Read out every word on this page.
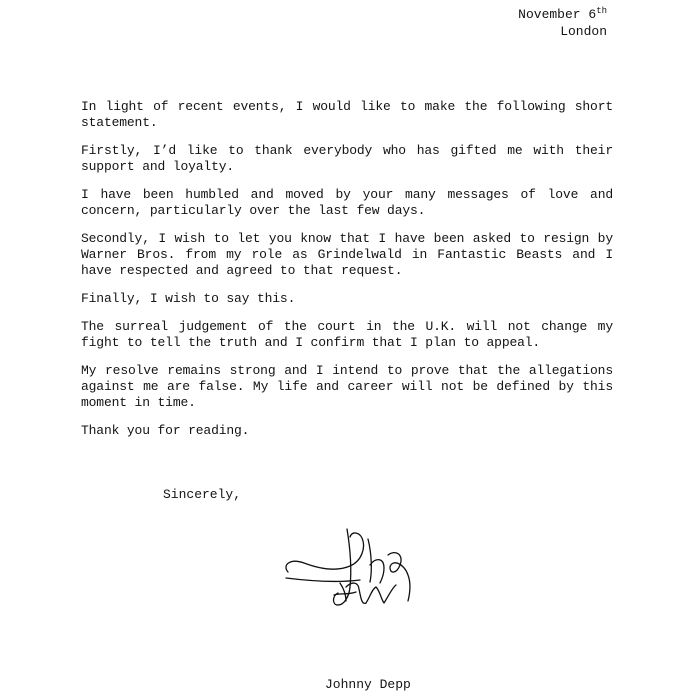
November 6th
London

In light of recent events, I would like to make the following short statement.

Firstly, I’d like to thank everybody who has gifted me with their support and loyalty.

I have been humbled and moved by your many messages of love and concern, particularly over the last few days.

Secondly, I wish to let you know that I have been asked to resign by Warner Bros. from my role as Grindelwald in Fantastic Beasts and I have respected and agreed to that request.

Finally, I wish to say this.

The surreal judgement of the court in the U.K. will not change my fight to tell the truth and I confirm that I plan to appeal.

My resolve remains strong and I intend to prove that the allegations against me are false. My life and career will not be defined by this moment in time.

Thank you for reading.

Sincerely,
Johnny Depp
